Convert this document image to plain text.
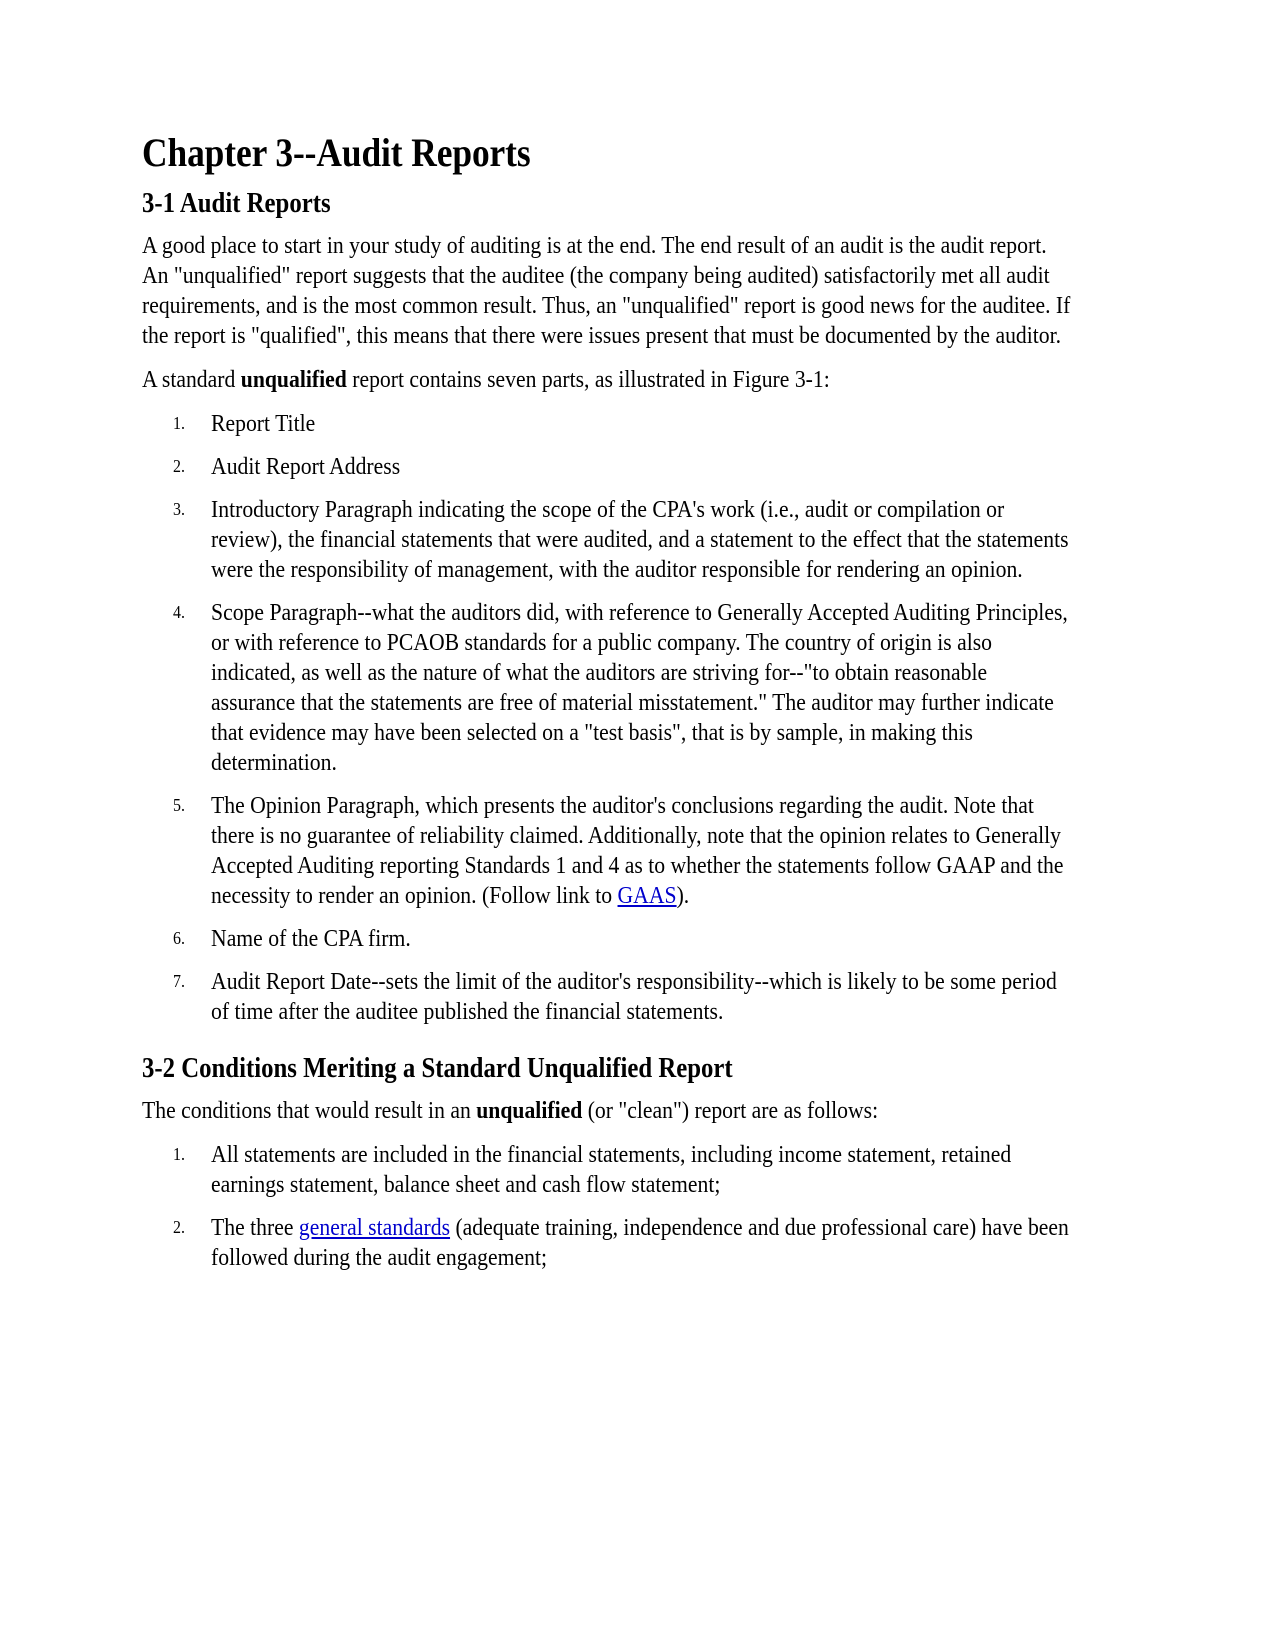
Chapter 3--Audit Reports
3-1 Audit Reports

A good place to start in your study of auditing is at the end. The end result of an audit is the audit report. An "unqualified" report suggests that the auditee (the company being audited) satisfactorily met all audit requirements, and is the most common result. Thus, an "unqualified" report is good news for the auditee. If the report is "qualified", this means that there were issues present that must be documented by the auditor.

A standard unqualified report contains seven parts, as illustrated in Figure 3-1:

Report Title
Audit Report Address
Introductory Paragraph indicating the scope of the CPA's work (i.e., audit or compilation or review), the financial statements that were audited, and a statement to the effect that the statements were the responsibility of management, with the auditor responsible for rendering an opinion.
Scope Paragraph--what the auditors did, with reference to Generally Accepted Auditing Principles, or with reference to PCAOB standards for a public company. The country of origin is also indicated, as well as the nature of what the auditors are striving for--"to obtain reasonable assurance that the statements are free of material misstatement." The auditor may further indicate that evidence may have been selected on a "test basis", that is by sample, in making this determination.
The Opinion Paragraph, which presents the auditor's conclusions regarding the audit. Note that there is no guarantee of reliability claimed. Additionally, note that the opinion relates to Generally Accepted Auditing reporting Standards 1 and 4 as to whether the statements follow GAAP and the necessity to render an opinion. (Follow link to GAAS).
Name of the CPA firm.
Audit Report Date--sets the limit of the auditor's responsibility--which is likely to be some period of time after the auditee published the financial statements.
3-2 Conditions Meriting a Standard Unqualified Report

The conditions that would result in an unqualified (or "clean") report are as follows:

All statements are included in the financial statements, including income statement, retained earnings statement, balance sheet and cash flow statement;
The three general standards (adequate training, independence and due professional care) have been followed during the audit engagement;
